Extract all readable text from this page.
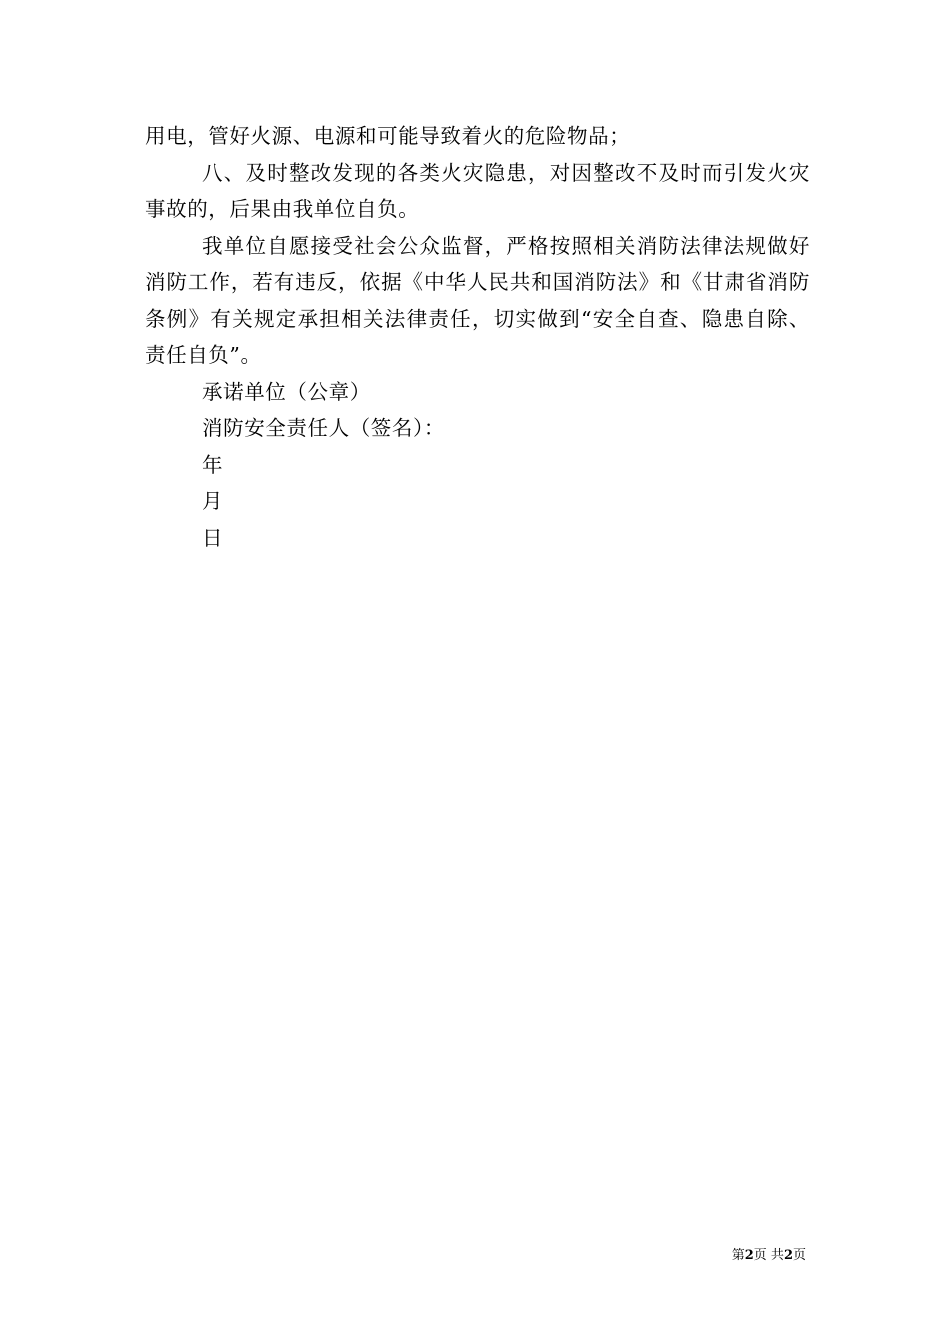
用电，管好火源、电源和可能导致着火的危险物品；

八、及时整改发现的各类火灾隐患，对因整改不及时而引发火灾事故的，后果由我单位自负。

我单位自愿接受社会公众监督，严格按照相关消防法律法规做好消防工作，若有违反，依据《中华人民共和国消防法》和《甘肃省消防条例》有关规定承担相关法律责任，切实做到“安全自查、隐患自除、责任自负”。

承诺单位（公章）

消防安全责任人（签名）：

年

月

日

第2页 共2页
